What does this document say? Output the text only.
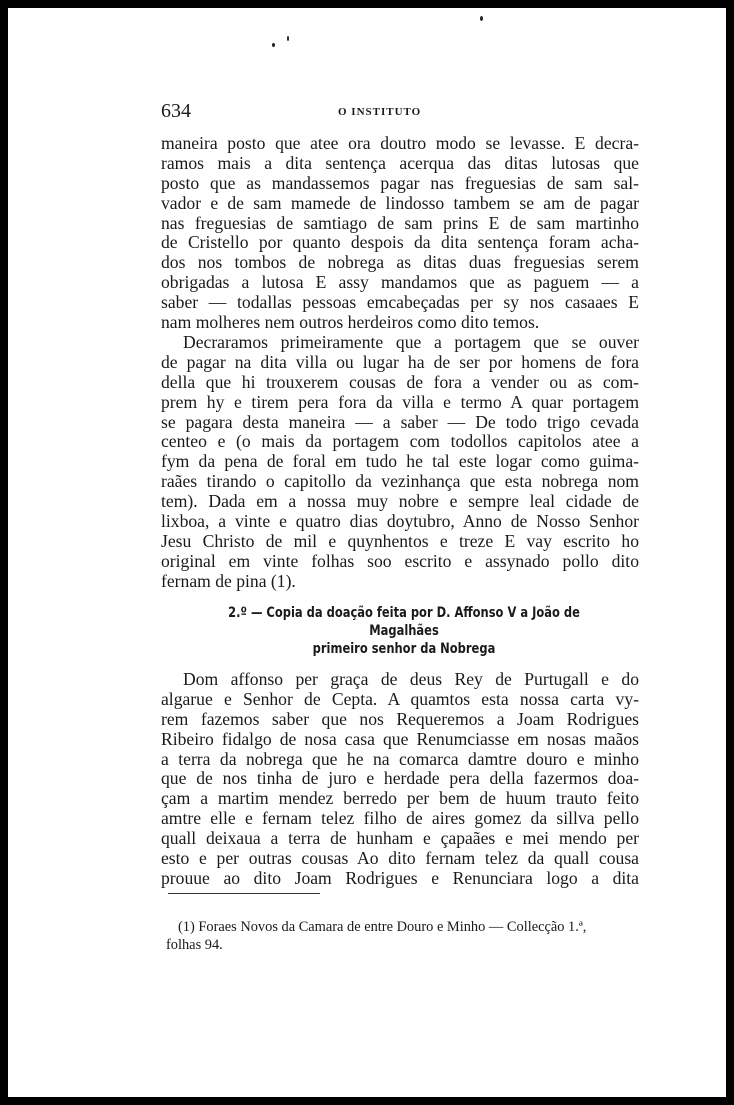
634	O INSTITUTO
maneira posto que atee ora doutro modo se levasse. E decra-
ramos mais a dita sentença acerqua das ditas lutosas que
posto que as mandassemos pagar nas freguesias de sam sal-
vador e de sam mamede de lindosso tambem se am de pagar
nas freguesias de samtiago de sam prins E de sam martinho
de Cristello por quanto despois da dita sentença foram acha-
dos nos tombos de nobrega as ditas duas freguesias serem
obrigadas a lutosa E assy mandamos que as paguem — a
saber — todallas pessoas emcabeçadas per sy nos casaaes E
nam molheres nem outros herdeiros como dito temos.
Decraramos primeiramente que a portagem que se ouver
de pagar na dita villa ou lugar ha de ser por homens de fora
della que hi trouxerem cousas de fora a vender ou as com-
prem hy e tirem pera fora da villa e termo A quar portagem
se pagara desta maneira — a saber — De todo trigo cevada
centeo e (o mais da portagem com todollos capitolos atee a
fym da pena de foral em tudo he tal este logar como guima-
raães tirando o capitollo da vezinhança que esta nobrega nom
tem). Dada em a nossa muy nobre e sempre leal cidade de
lixboa, a vinte e quatro dias doytubro, Anno de Nosso Senhor
Jesu Christo de mil e quynhentos e treze E vay escrito ho
original em vinte folhas soo escrito e assynado pollo dito
fernam de pina (1).
2.º — Copia da doação feita por D. Affonso V a João de Magalhães
primeiro senhor da Nobrega
Dom affonso per graça de deus Rey de Purtugall e do
algarue e Senhor de Cepta. A quamtos esta nossa carta vy-
rem fazemos saber que nos Requeremos a Joam Rodrigues
Ribeiro fidalgo de nosa casa que Renumciasse em nosas maãos
a terra da nobrega que he na comarca damtre douro e minho
que de nos tinha de juro e herdade pera della fazermos doa-
çam a martim mendez berredo per bem de huum trauto feito
amtre elle e fernam telez filho de aires gomez da sillva pello
quall deixaua a terra de hunham e çapaães e mei mendo per
esto e per outras cousas Ao dito fernam telez da quall cousa
prouue ao dito Joam Rodrigues e Renunciara logo a dita
(1) Foraes Novos da Camara de entre Douro e Minho — Collecção 1.ª,
folhas 94.
